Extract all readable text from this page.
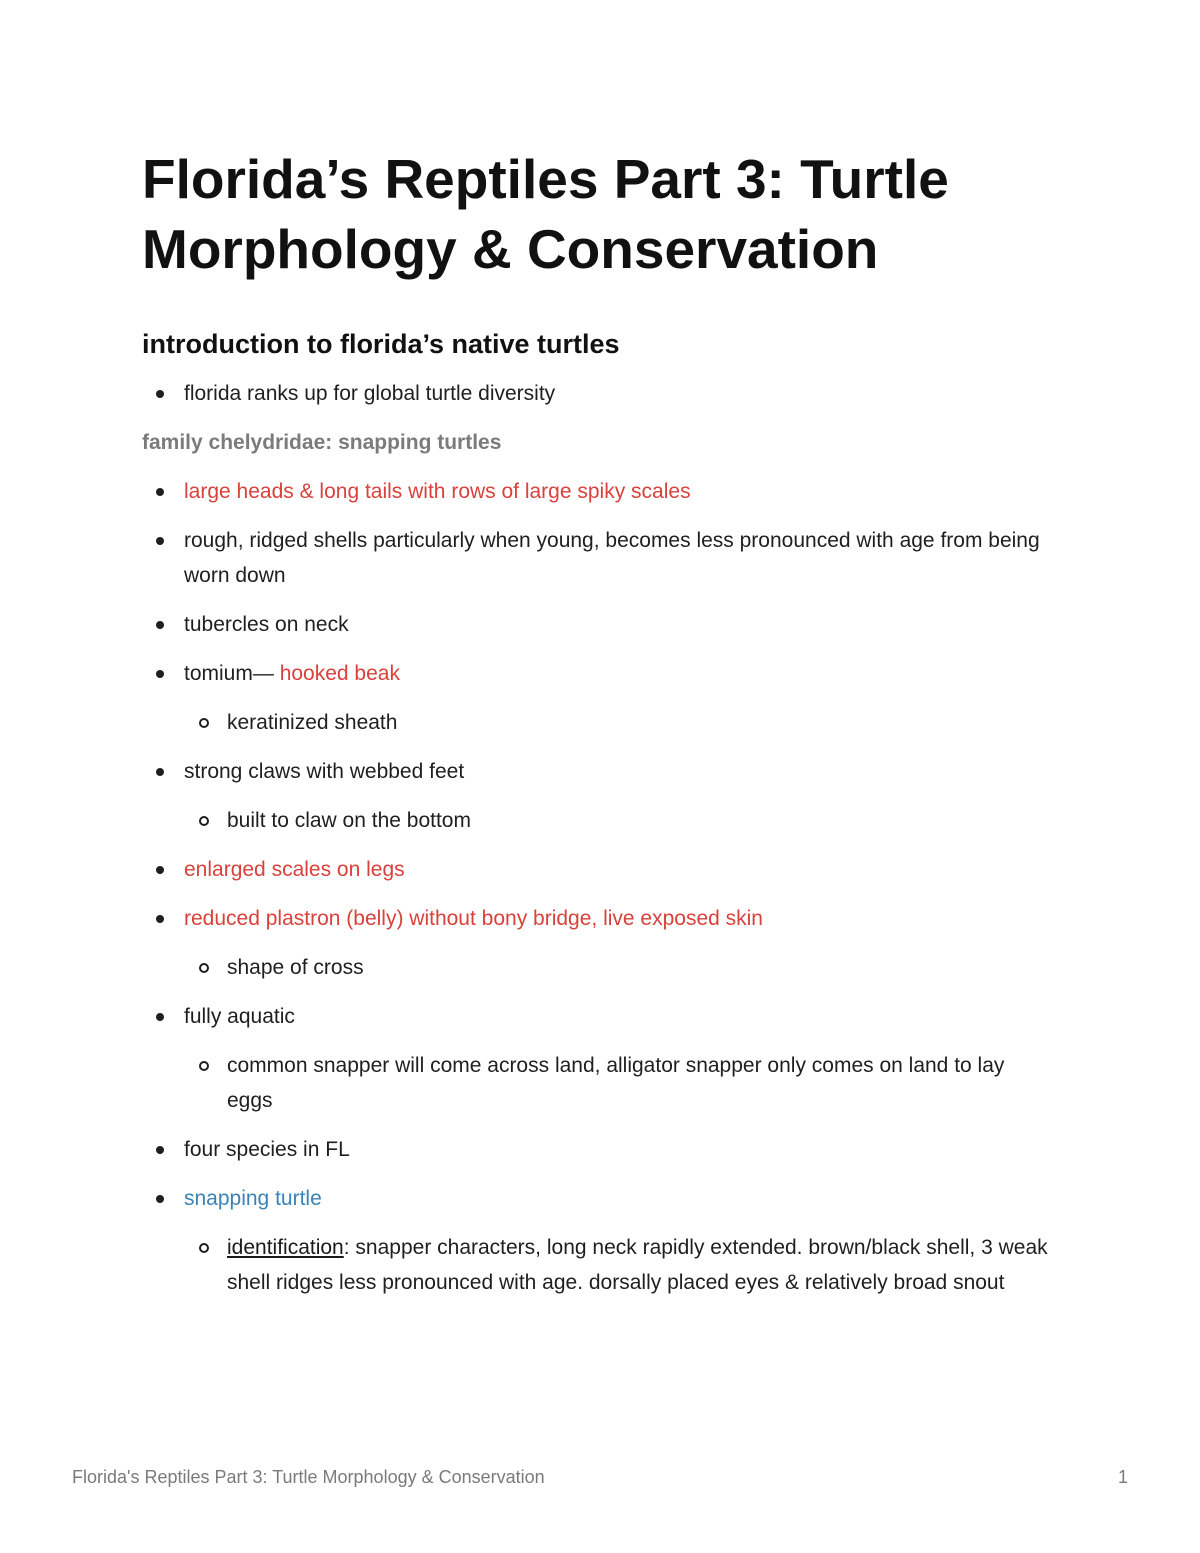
Florida’s Reptiles Part 3: Turtle Morphology & Conservation
introduction to florida’s native turtles
florida ranks up for global turtle diversity
family chelydridae: snapping turtles
large heads & long tails with rows of large spiky scales
rough, ridged shells particularly when young, becomes less pronounced with age from being worn down
tubercles on neck
tomium— hooked beak
keratinized sheath
strong claws with webbed feet
built to claw on the bottom
enlarged scales on legs
reduced plastron (belly) without bony bridge, live exposed skin
shape of cross
fully aquatic
common snapper will come across land, alligator snapper only comes on land to lay eggs
four species in FL
snapping turtle
identification: snapper characters, long neck rapidly extended. brown/black shell, 3 weak shell ridges less pronounced with age. dorsally placed eyes & relatively broad snout
Florida's Reptiles Part 3: Turtle Morphology & Conservation	1
